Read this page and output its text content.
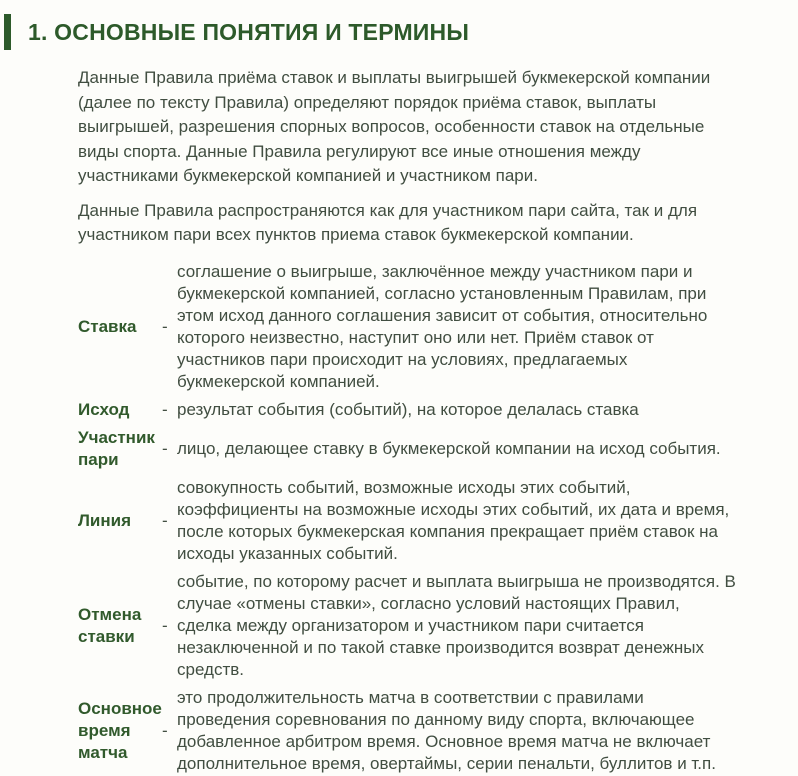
1. ОСНОВНЫЕ ПОНЯТИЯ И ТЕРМИНЫ

Данные Правила приёма ставок и выплаты выигрышей букмекерской компании (далее по тексту Правила) определяют порядок приёма ставок, выплаты выигрышей, разрешения спорных вопросов, особенности ставок на отдельные виды спорта. Данные Правила регулируют все иные отношения между участниками букмекерской компанией и участником пари.

Данные Правила распространяются как для участником пари сайта, так и для участником пари всех пунктов приема ставок букмекерской компании.

Ставка	-	соглашение о выигрыше, заключённое между участником пари и букмекерской компанией, согласно установленным Правилам, при этом исход данного соглашения зависит от события, относительно которого неизвестно, наступит оно или нет. Приём ставок от участников пари происходит на условиях, предлагаемых букмекерской компанией.
Исход	-	результат события (событий), на которое делалась ставка
Участник пари	-	лицо, делающее ставку в букмекерской компании на исход события.
Линия	-	совокупность событий, возможные исходы этих событий, коэффициенты на возможные исходы этих событий, их дата и время, после которых букмекерская компания прекращает приём ставок на исходы указанных событий.
Отмена ставки	-	событие, по которому расчет и выплата выигрыша не производятся. В случае «отмены ставки», согласно условий настоящих Правил, сделка между организатором и участником пари считается незаключенной и по такой ставке производится возврат денежных средств.
Основное время матча	-	это продолжительность матча в соответствии с правилами проведения соревнования по данному виду спорта, включающее добавленное арбитром время. Основное время матча не включает дополнительное время, овертаймы, серии пенальти, буллитов и т.п.
